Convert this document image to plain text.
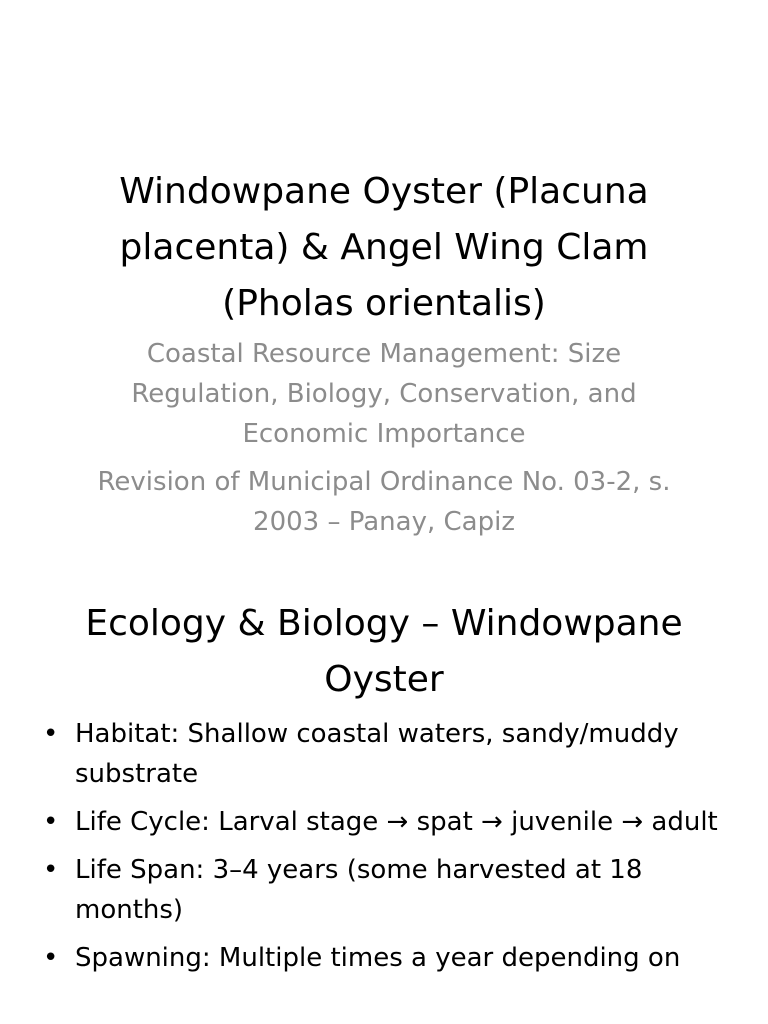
Windowpane Oyster (Placuna placenta) & Angel Wing Clam (Pholas orientalis)

Coastal Resource Management: Size Regulation, Biology, Conservation, and Economic Importance

Revision of Municipal Ordinance No. 03-2, s. 2003 – Panay, Capiz

Ecology & Biology – Windowpane Oyster
• Habitat: Shallow coastal waters, sandy/muddy substrate
• Life Cycle: Larval stage → spat → juvenile → adult
• Life Span: 3–4 years (some harvested at 18 months)
• Spawning: Multiple times a year depending on
